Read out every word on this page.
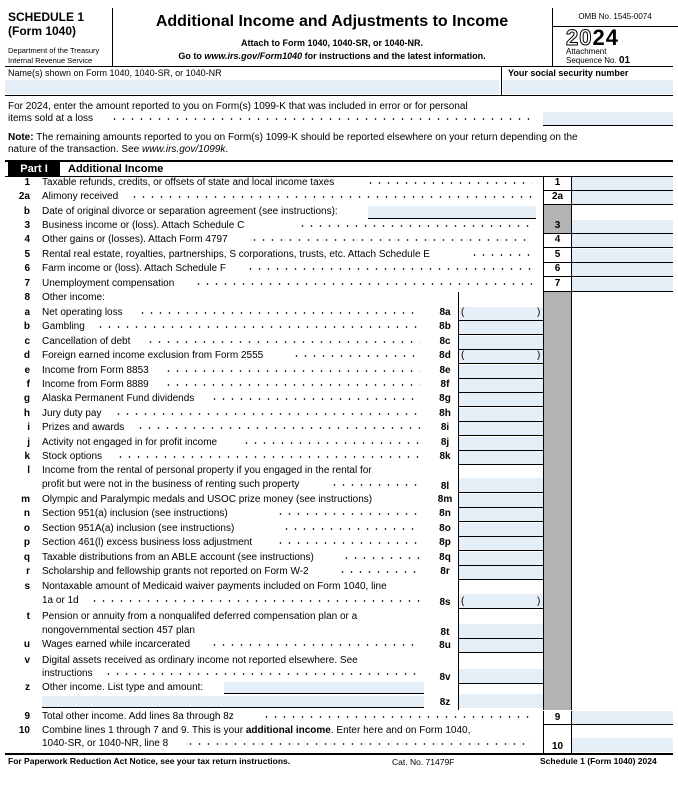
SCHEDULE 1
(Form 1040)
Department of the Treasury
Internal Revenue Service
Additional Income and Adjustments to Income
Attach to Form 1040, 1040-SR, or 1040-NR.
Go to www.irs.gov/Form1040 for instructions and the latest information.
OMB No. 1545-0074
2024
Attachment
Sequence No. 01
Name(s) shown on Form 1040, 1040-SR, or 1040-NR	Your social security number
For 2024, enter the amount reported to you on Form(s) 1099-K that was included in error or for personal
items sold at a loss
Note: The remaining amounts reported to you on Form(s) 1099-K should be reported elsewhere on your return depending on the
nature of the transaction. See www.irs.gov/1099k.
Part I	Additional Income
1 Taxable refunds, credits, or offsets of state and local income taxes	1
2a Alimony received	2a
b Date of original divorce or separation agreement (see instructions):
3 Business income or (loss). Attach Schedule C	3
4 Other gains or (losses). Attach Form 4797	4
5 Rental real estate, royalties, partnerships, S corporations, trusts, etc. Attach Schedule E	5
6 Farm income or (loss). Attach Schedule F	6
7 Unemployment compensation	7
8 Other income:
a Net operating loss	8a	(	)
b Gambling	8b
c Cancellation of debt	8c
d Foreign earned income exclusion from Form 2555	8d	(	)
e Income from Form 8853	8e
f Income from Form 8889	8f
g Alaska Permanent Fund dividends	8g
h Jury duty pay	8h
i Prizes and awards	8i
j Activity not engaged in for profit income	8j
k Stock options	8k
l Income from the rental of personal property if you engaged in the rental for
profit but were not in the business of renting such property	8l
m Olympic and Paralympic medals and USOC prize money (see instructions)	8m
n Section 951(a) inclusion (see instructions)	8n
o Section 951A(a) inclusion (see instructions)	8o
p Section 461(l) excess business loss adjustment	8p
q Taxable distributions from an ABLE account (see instructions)	8q
r Scholarship and fellowship grants not reported on Form W-2	8r
s Nontaxable amount of Medicaid waiver payments included on Form 1040, line
1a or 1d	8s	(	)
t Pension or annuity from a nonqualifed deferred compensation plan or a
nongovernmental section 457 plan	8t
u Wages earned while incarcerated	8u
v Digital assets received as ordinary income not reported elsewhere. See
instructions	8v
z Other income. List type and amount:
8z
9 Total other income. Add lines 8a through 8z	9
10 Combine lines 1 through 7 and 9. This is your additional income. Enter here and on Form 1040,
1040-SR, or 1040-NR, line 8	10
For Paperwork Reduction Act Notice, see your tax return instructions.	Cat. No. 71479F	Schedule 1 (Form 1040) 2024
